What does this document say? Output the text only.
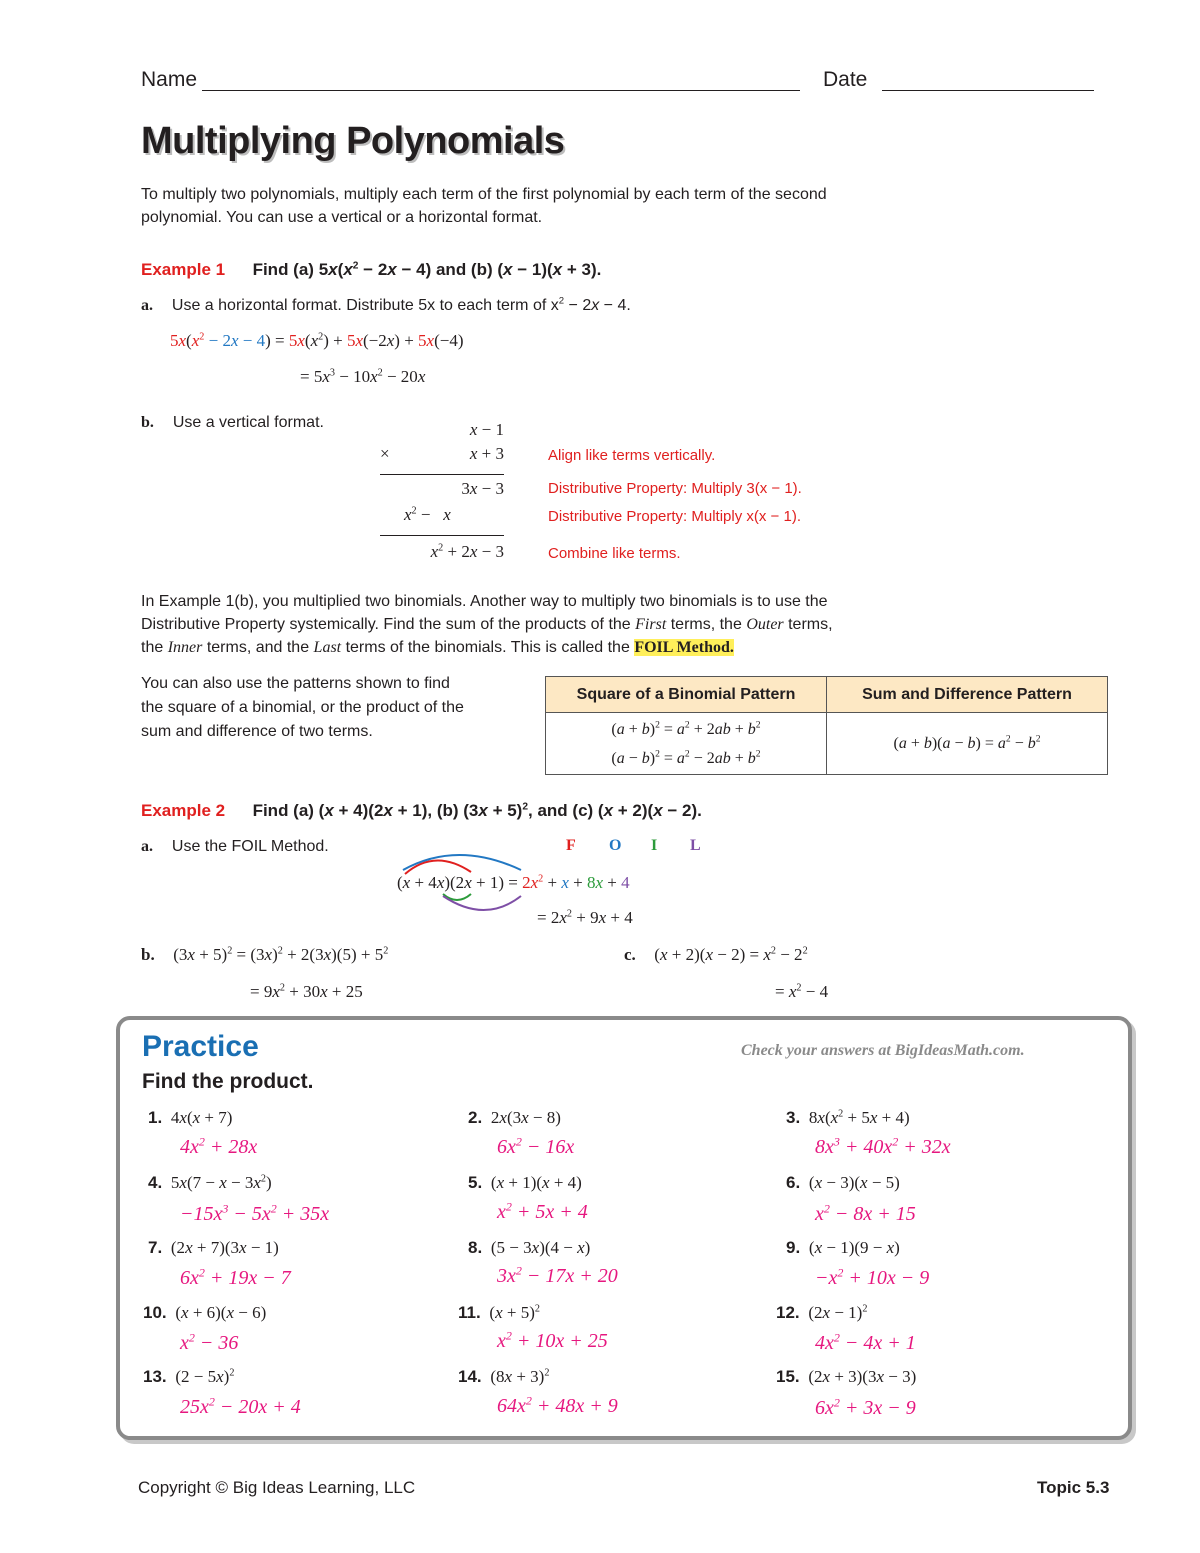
Name	Date
Multiplying Polynomials
To multiply two polynomials, multiply each term of the first polynomial by each term of the second
polynomial. You can use a vertical or a horizontal format.
Example 1 Find (a) $5x(x^2 - 2x - 4)$ and (b) (x − 1)(x + 3).
a. Use a horizontal format. Distribute 5x to each term of $x^2 - 2x - 4$.
$5x(x^2 - 2x - 4) = 5x(x^2) + 5x(-2x) + 5x(-4)$
= $5x^3 - 10x^2 - 20x$
b. Use a vertical format.	x − 1
×	x + 3
3x − 3
$x^2 - x$
$x^2 + 2x - 3$
Align like terms vertically.
Distributive Property: Multiply 3(x − 1).
Distributive Property: Multiply x(x − 1).
Combine like terms.
In Example 1(b), you multiplied two binomials. Another way to multiply two binomials is to use the
Distributive Property systemically. Find the sum of the products of the First terms, the Outer terms,
the Inner terms, and the Last terms of the binomials. This is called the FOIL Method.
You can also use the patterns shown to find
the square of a binomial, or the product of the
sum and difference of two terms.
Square of a Binomial Pattern	Sum and Difference Pattern

$(a + b)^2 = a^2 + 2ab + b^2$
$(a - b)^2 = a^2 - 2ab + b^2$	$(a + b)(a - b) = a^2 - b^2$
Example 2 Find (a) (x + 4)(2x + 1), (b) $(3x + 5)^2$, and (c) (x + 2)(x − 2).
a. Use the FOIL Method.	F O I L
$(x + 4x)(2x + 1) = 2x^2 + x + 8x + 4$
= $2x^2 + 9x + 4$
b.  $(3x + 5)^2 = (3x)^2 + 2(3x)(5) + 5^2$
= $9x^2 + 30x + 25$
c.  $(x + 2)(x - 2) = x^2 - 2^2$
= $x^2 - 4$
Practice	Check your answers at BigIdeasMath.com.
Find the product.
1.  4x(x + 7)
$4x^2 + 28x$
2.  2x(3x − 8)
$6x^2 - 16x$
3.  $8x(x^2 + 5x + 4)$
$8x^3 + 40x^2 + 32x$
4.  $5x(7 - x - 3x^2)$
$-15x^3 - 5x^2 + 35x$
5.  (x + 1)(x + 4)
$x^2 + 5x + 4$
6.  (x − 3)(x − 5)
$x^2 - 8x + 15$
7.  (2x + 7)(3x − 1)
$6x^2 + 19x - 7$
8.  (5 − 3x)(4 − x)
$3x^2 - 17x + 20$
9.  (x − 1)(9 − x)
$-x^2 + 10x - 9$
10.  (x + 6)(x − 6)
$x^2 - 36$
11.  $(x + 5)^2$
$x^2 + 10x + 25$
12.  $(2x - 1)^2$
$4x^2 - 4x + 1$
13.  $(2 - 5x)^2$
$25x^2 - 20x + 4$
14.  $(8x + 3)^2$
$64x^2 + 48x + 9$
15.  (2x + 3)(3x − 3)
$6x^2 + 3x - 9$
Copyright © Big Ideas Learning, LLC	Topic 5.3
